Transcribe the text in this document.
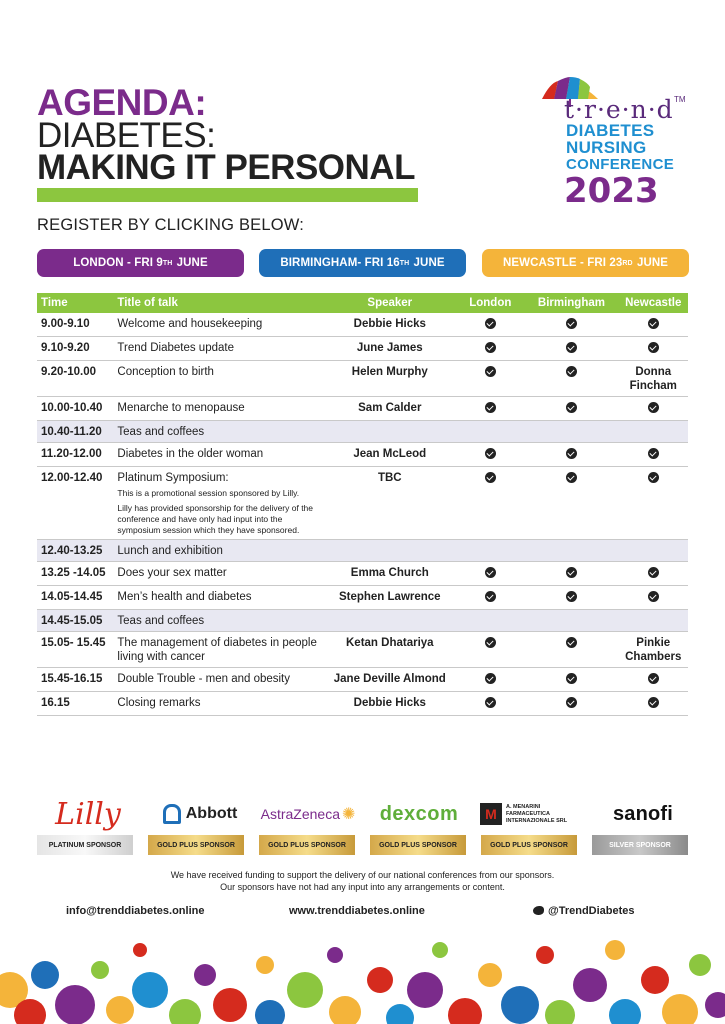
AGENDA:
DIABETES:
MAKING IT PERSONAL
t·r·e·n·d TM
DIABETES
NURSING
CONFERENCE
2023
REGISTER BY CLICKING BELOW:
LONDON - FRI 9 TH JUNE	BIRMINGHAM- FRI 16 TH JUNE	NEWCASTLE - FRI 23 RD JUNE
Time	Title of talk	Speaker	London	Birmingham	Newcastle
9.00-9.10	Welcome and housekeeping	Debbie Hicks			
9.10-9.20	Trend Diabetes update	June James			
9.20-10.00	Conception to birth	Helen Murphy			Donna Fincham
10.00-10.40	Menarche to menopause	Sam Calder			
10.40-11.20	Teas and coffees				
11.20-12.00	Diabetes in the older woman	Jean McLeod			
12.00-12.40	Platinum Symposium:
This is a promotional session sponsored by Lilly.
Lilly has provided sponsorship for the delivery of the conference and have only had input into the symposium session which they have sponsored.	TBC			
12.40-13.25	Lunch and exhibition				
13.25 -14.05	Does your sex matter	Emma Church			
14.05-14.45	Men’s health and diabetes	Stephen Lawrence			
14.45-15.05	Teas and coffees				
15.05- 15.45	The management of diabetes in people living with cancer	Ketan Dhatariya			Pinkie Chambers
15.45-16.15	Double Trouble - men and obesity	Jane Deville Almond			
16.15	Closing remarks	Debbie Hicks			
Lilly	Abbott AstraZeneca ✺	dexcom	M	A. MENARINI
FARMACEUTICA
INTERNAZIONALE SRL	sanofi
PLATINUM SPONSOR	GOLD PLUS SPONSOR	GOLD PLUS SPONSOR	GOLD PLUS SPONSOR	GOLD PLUS SPONSOR	SILVER SPONSOR
We have received funding to support the delivery of our national conferences from our sponsors.
Our sponsors have not had any input into any arrangements or content.
info@trenddiabetes.online	www.trenddiabetes.online	@TrendDiabetes
